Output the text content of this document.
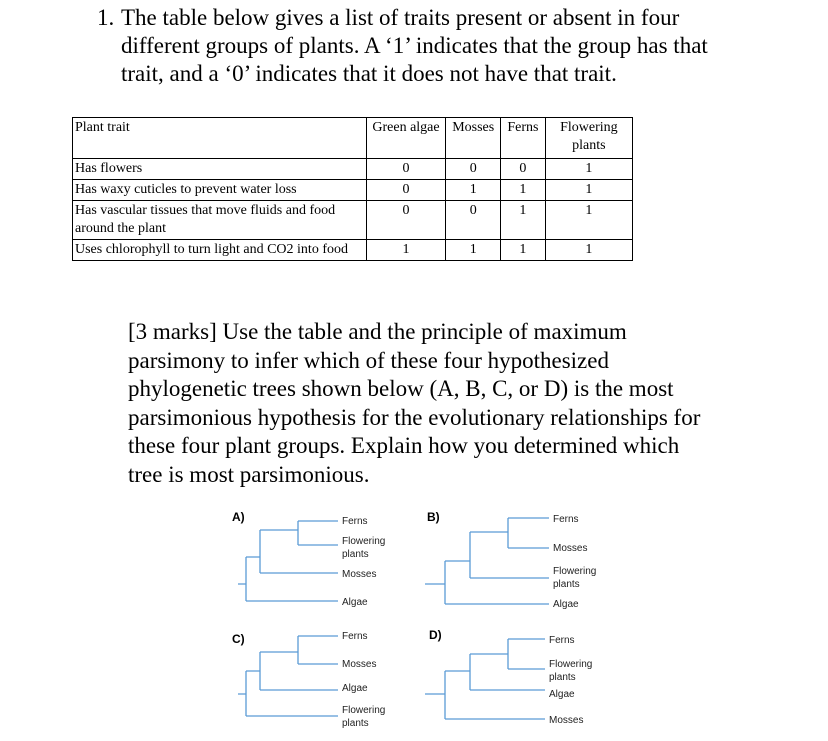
1. The table below gives a list of traits present or absent in four
different groups of plants. A ‘1’ indicates that the group has that
trait, and a ‘0’ indicates that it does not have that trait.
Plant trait	Green algae	Mosses	Ferns	Flowering plants
Has flowers	0	0	0	1
Has waxy cuticles to prevent water loss	0	1	1	1
Has vascular tissues that move fluids and food around the plant	0	0	1	1
Uses chlorophyll to turn light and CO2 into food	1	1	1	1
[3 marks] Use the table and the principle of maximum
parsimony to infer which of these four hypothesized
phylogenetic trees shown below (A, B, C, or D) is the most
parsimonious hypothesis for the evolutionary relationships for
these four plant groups. Explain how you determined which
tree is most parsimonious.
A)	Ferns
Flowering plants
Mosses
Algae
B)	Ferns
Mosses
Flowering plants
Algae
C)	Ferns
Mosses
Algae
Flowering plants
D)	Ferns
Flowering plants
Algae
Mosses
